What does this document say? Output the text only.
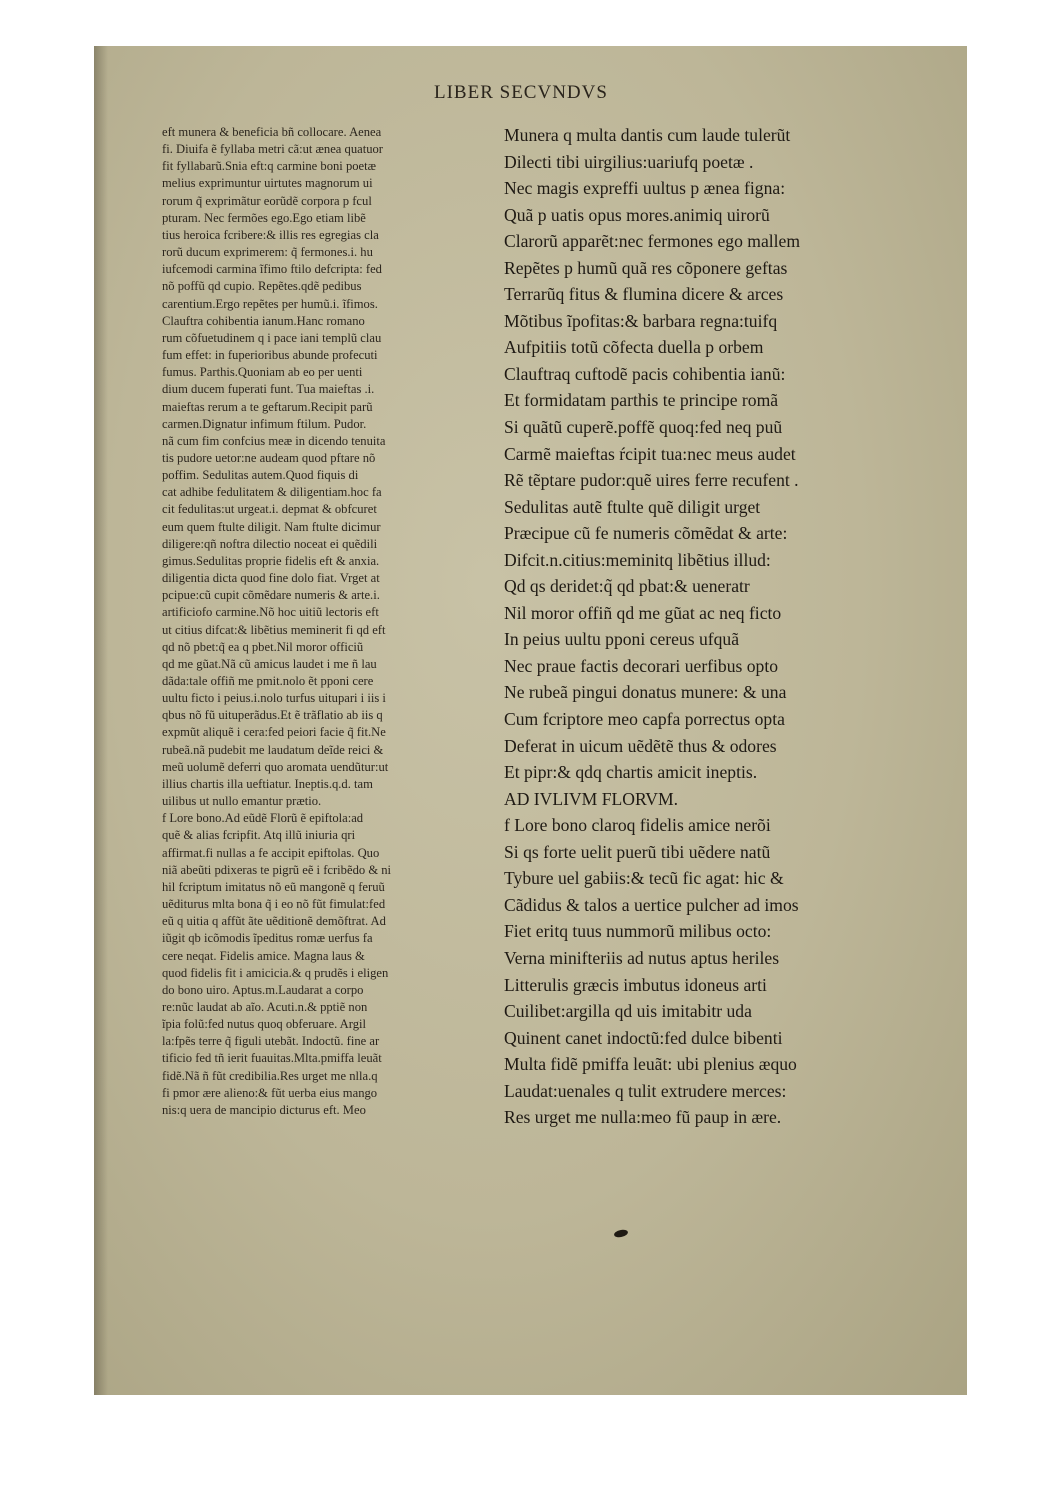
LIBER SECVNDVS
eft munera & beneficia bñ collocare. Aenea
fi. Diuifa ẽ fyllaba metri cã:ut ænea quatuor
fit fyllabarũ.Snia eft:q carmine boni poetæ
melius exprimuntur uirtutes magnorum ui
rorum q̃ exprimãtur eorũdẽ corpora p fcul
pturam. Nec fermões ego.Ego etiam libẽ
tius heroica fcribere:& illis res egregias cla
rorũ ducum exprimerem: q̃ fermones.i. hu
iufcemodi carmina ĩfimo ftilo defcripta: fed
nõ poffũ qd cupio. Repẽtes.qdẽ pedibus
carentium.Ergo repẽtes per humũ.i. ĩfimos.
Clauftra cohibentia ianum.Hanc romano
rum cõfuetudinem q i pace iani templũ clau
fum effet: in fuperioribus abunde profecuti
fumus. Parthis.Quoniam ab eo per uenti
dium ducem fuperati funt. Tua maieftas .i.
maieftas rerum a te geftarum.Recipit parũ
carmen.Dignatur infimum ftilum. Pudor.
nã cum fim confcius meæ in dicendo tenuita
tis pudore uetor:ne audeam quod pftare nõ
poffim. Sedulitas autem.Quod fiquis di
cat adhibe fedulitatem & diligentiam.hoc fa
cit fedulitas:ut urgeat.i. depmat & obfcuret
eum quem ftulte diligit. Nam ftulte dicimur
diligere:qñ noftra dilectio noceat ei quẽdili
gimus.Sedulitas proprie fidelis eft & anxia.
diligentia dicta quod fine dolo fiat. Vrget at
pcipue:cũ cupit cõmẽdare numeris & arte.i.
artificiofo carmine.Nõ hoc uitiũ lectoris eft
ut citius difcat:& libẽtius meminerit fi qd eft
qd nõ pbet:q̃ ea q pbet.Nil moror officiũ
qd me gũat.Nã cũ amicus laudet i me ñ lau
dãda:tale offiñ me pmit.nolo ẽt pponi cere
uultu ficto i peius.i.nolo turfus uitupari i iis i
qbus nõ fũ uituperãdus.Et ẽ trãflatio ab iis q
expmũt aliquẽ i cera:fed peiori facie q̃ fit.Ne
rubeã.nã pudebit me laudatum deĩde reici &
meũ uolumẽ deferri quo aromata uendũtur:ut
illius chartis illa ueftiatur. Ineptis.q.d. tam
uilibus ut nullo emantur prætio.
f Lore bono.Ad eũdẽ Florũ ẽ epiftola:ad
quẽ & alias fcripfit. Atq illũ iniuria qri
affirmat.fi nullas a fe accipit epiftolas. Quo
niã abeũti pdixeras te pigrũ eẽ i fcribẽdo & ni
hil fcriptum imitatus nõ eũ mangonẽ q feruũ
uẽditurus mlta bona q̃ i eo nõ fũt fimulat:fed
eũ q uitia q affũt ãte uẽditionẽ demõftrat. Ad
iũgit qb icõmodis ĩpeditus romæ uerfus fa
cere neqat. Fidelis amice. Magna laus &
quod fidelis fit i amicicia.& q prudẽs i eligen
do bono uiro. Aptus.m.Laudarat a corpo
re:nũc laudat ab aĩo. Acuti.n.& pptiẽ non
ĩpia folũ:fed nutus quoq obferuare. Argil
la:fpẽs terre q̃ figuli utebãt. Indoctũ. fine ar
tificio fed tñ ierit fuauitas.Mlta.pmiffa leuãt
fidẽ.Nã ñ fũt credibilia.Res urget me nlla.q
fi pmor ære alieno:& fũt uerba eius mango
nis:q uera de mancipio dicturus eft. Meo
Munera q multa dantis cum laude tulerũt
Dilecti tibi uirgilius:uariufq poetæ .
Nec magis expreffi uultus p ænea figna:
Quã p uatis opus mores.animiq uirorũ
Clarorũ apparẽt:nec fermones ego mallem
Repẽtes p humũ quã res cõponere geftas
Terrarũq fitus & flumina dicere & arces
Mõtibus ĩpofitas:& barbara regna:tuifq
Aufpitiis totũ cõfecta duella p orbem
Clauftraq cuftodẽ pacis cohibentia ianũ:
Et formidatam parthis te principe romã
Si quãtũ cuperẽ.poffẽ quoq:fed neq puũ
Carmẽ maieftas ŕcipit tua:nec meus audet
Rẽ tẽptare pudor:quẽ uires ferre recufent .
Sedulitas autẽ ftulte quẽ diligit urget
Præcipue cũ fe numeris cõmẽdat & arte:
Difcit.n.citius:meminitq libẽtius illud:
Qd qs deridet:q̃ qd pbat:& ueneratr
Nil moror offiñ qd me gũat ac neq ficto
In peius uultu pponi cereus ufquã
Nec praue factis decorari uerfibus opto
Ne rubeã pingui donatus munere: & una
Cum fcriptore meo capfa porrectus opta
Deferat in uicum uẽdẽtẽ thus & odores
Et pipr:& qdq chartis amicit ineptis.
AD IVLIVM FLORVM.
f Lore bono claroq fidelis amice nerõi
Si qs forte uelit puerũ tibi uẽdere natũ
Tybure uel gabiis:& tecũ fic agat: hic &
Cãdidus & talos a uertice pulcher ad imos
Fiet eritq tuus nummorũ milibus octo:
Verna minifteriis ad nutus aptus heriles
Litterulis græcis imbutus idoneus arti
Cuilibet:argilla qd uis imitabitr uda
Quinent canet indoctũ:fed dulce bibenti
Multa fidẽ pmiffa leuãt: ubi plenius æquo
Laudat:uenales q tulit extrudere merces:
Res urget me nulla:meo fũ paup in ære.
